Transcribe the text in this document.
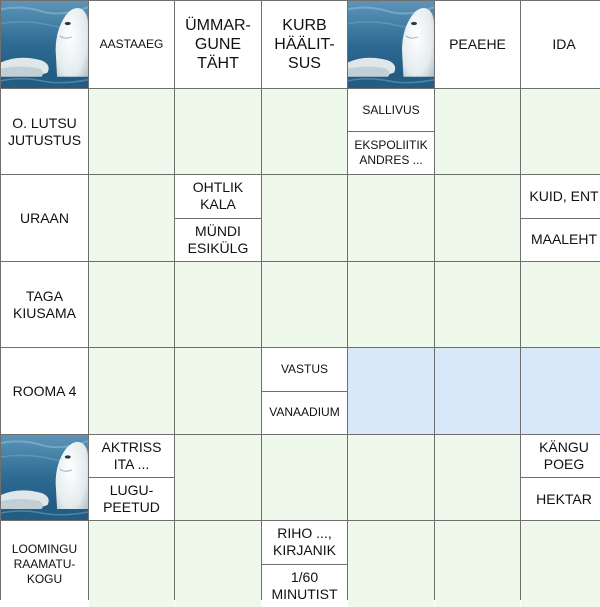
AASTAAEG
ÜMMAR-
GUNE
TÄHT
KURB
HÄÄLIT-
SUS
PEAEHE	IDA
O. LUTSU
JUTUSTUS
SALLIVUS
EKSPOLIITIK
ANDRES ...
URAAN
OHTLIK
KALA
MÜNDI
ESIKÜLG
KUID, ENT
MAALEHT
TAGA
KIUSAMA
ROOMA 4
VASTUS
VANAADIUM
AKTRISS
ITA ...
LUGU-
PEETUD
KÄNGU
POEG
HEKTAR
LOOMINGU
RAAMATU-
KOGU
RIHO ...,
KIRJANIK
1/60
MINUTIST
